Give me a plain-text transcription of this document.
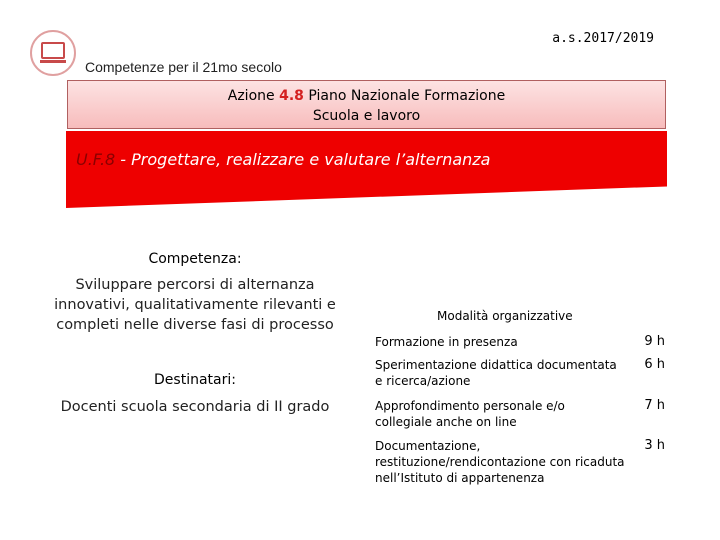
a.s.2017/2019
Competenze per il 21mo secolo
Azione 4.8 Piano Nazionale Formazione
Scuola e lavoro
U.F.8 - Progettare, realizzare e valutare l’alternanza
Competenza:
Sviluppare percorsi di alternanza innovativi, qualitativamente rilevanti e completi nelle diverse fasi di processo
Destinatari:
Docenti scuola secondaria di II grado
Modalità organizzative
Formazione in presenza	9 h
Sperimentazione didattica documentata e ricerca/azione
6 h
Approfondimento personale e/o collegiale anche on line
7 h
Documentazione, restituzione/rendicontazione con ricaduta nell’Istituto di appartenenza
3 h
